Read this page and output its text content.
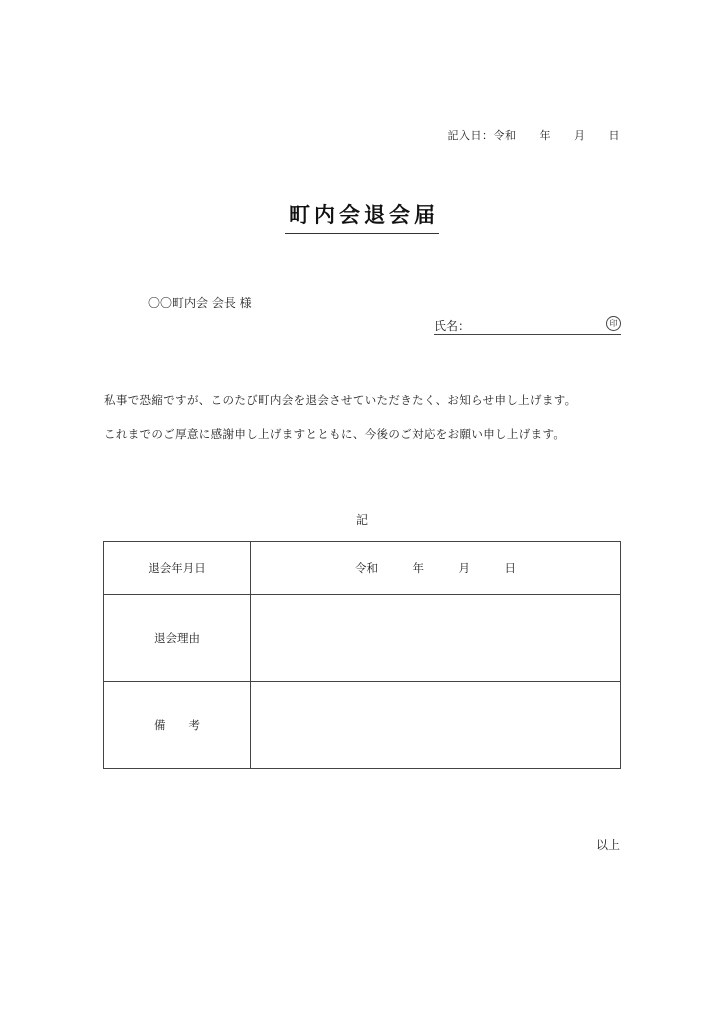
記入日：令和　　年　　月　　日
町内会退会届
〇〇町内会 会長 様
氏名：	印
私事で恐縮ですが、このたび町内会を退会させていただきたく、お知らせ申し上げます。
これまでのご厚意に感謝申し上げますとともに、今後のご対応をお願い申し上げます。
記
退会年月日	令和　　　年　　　月　　　日
退会理由	
備　　考	
以上
